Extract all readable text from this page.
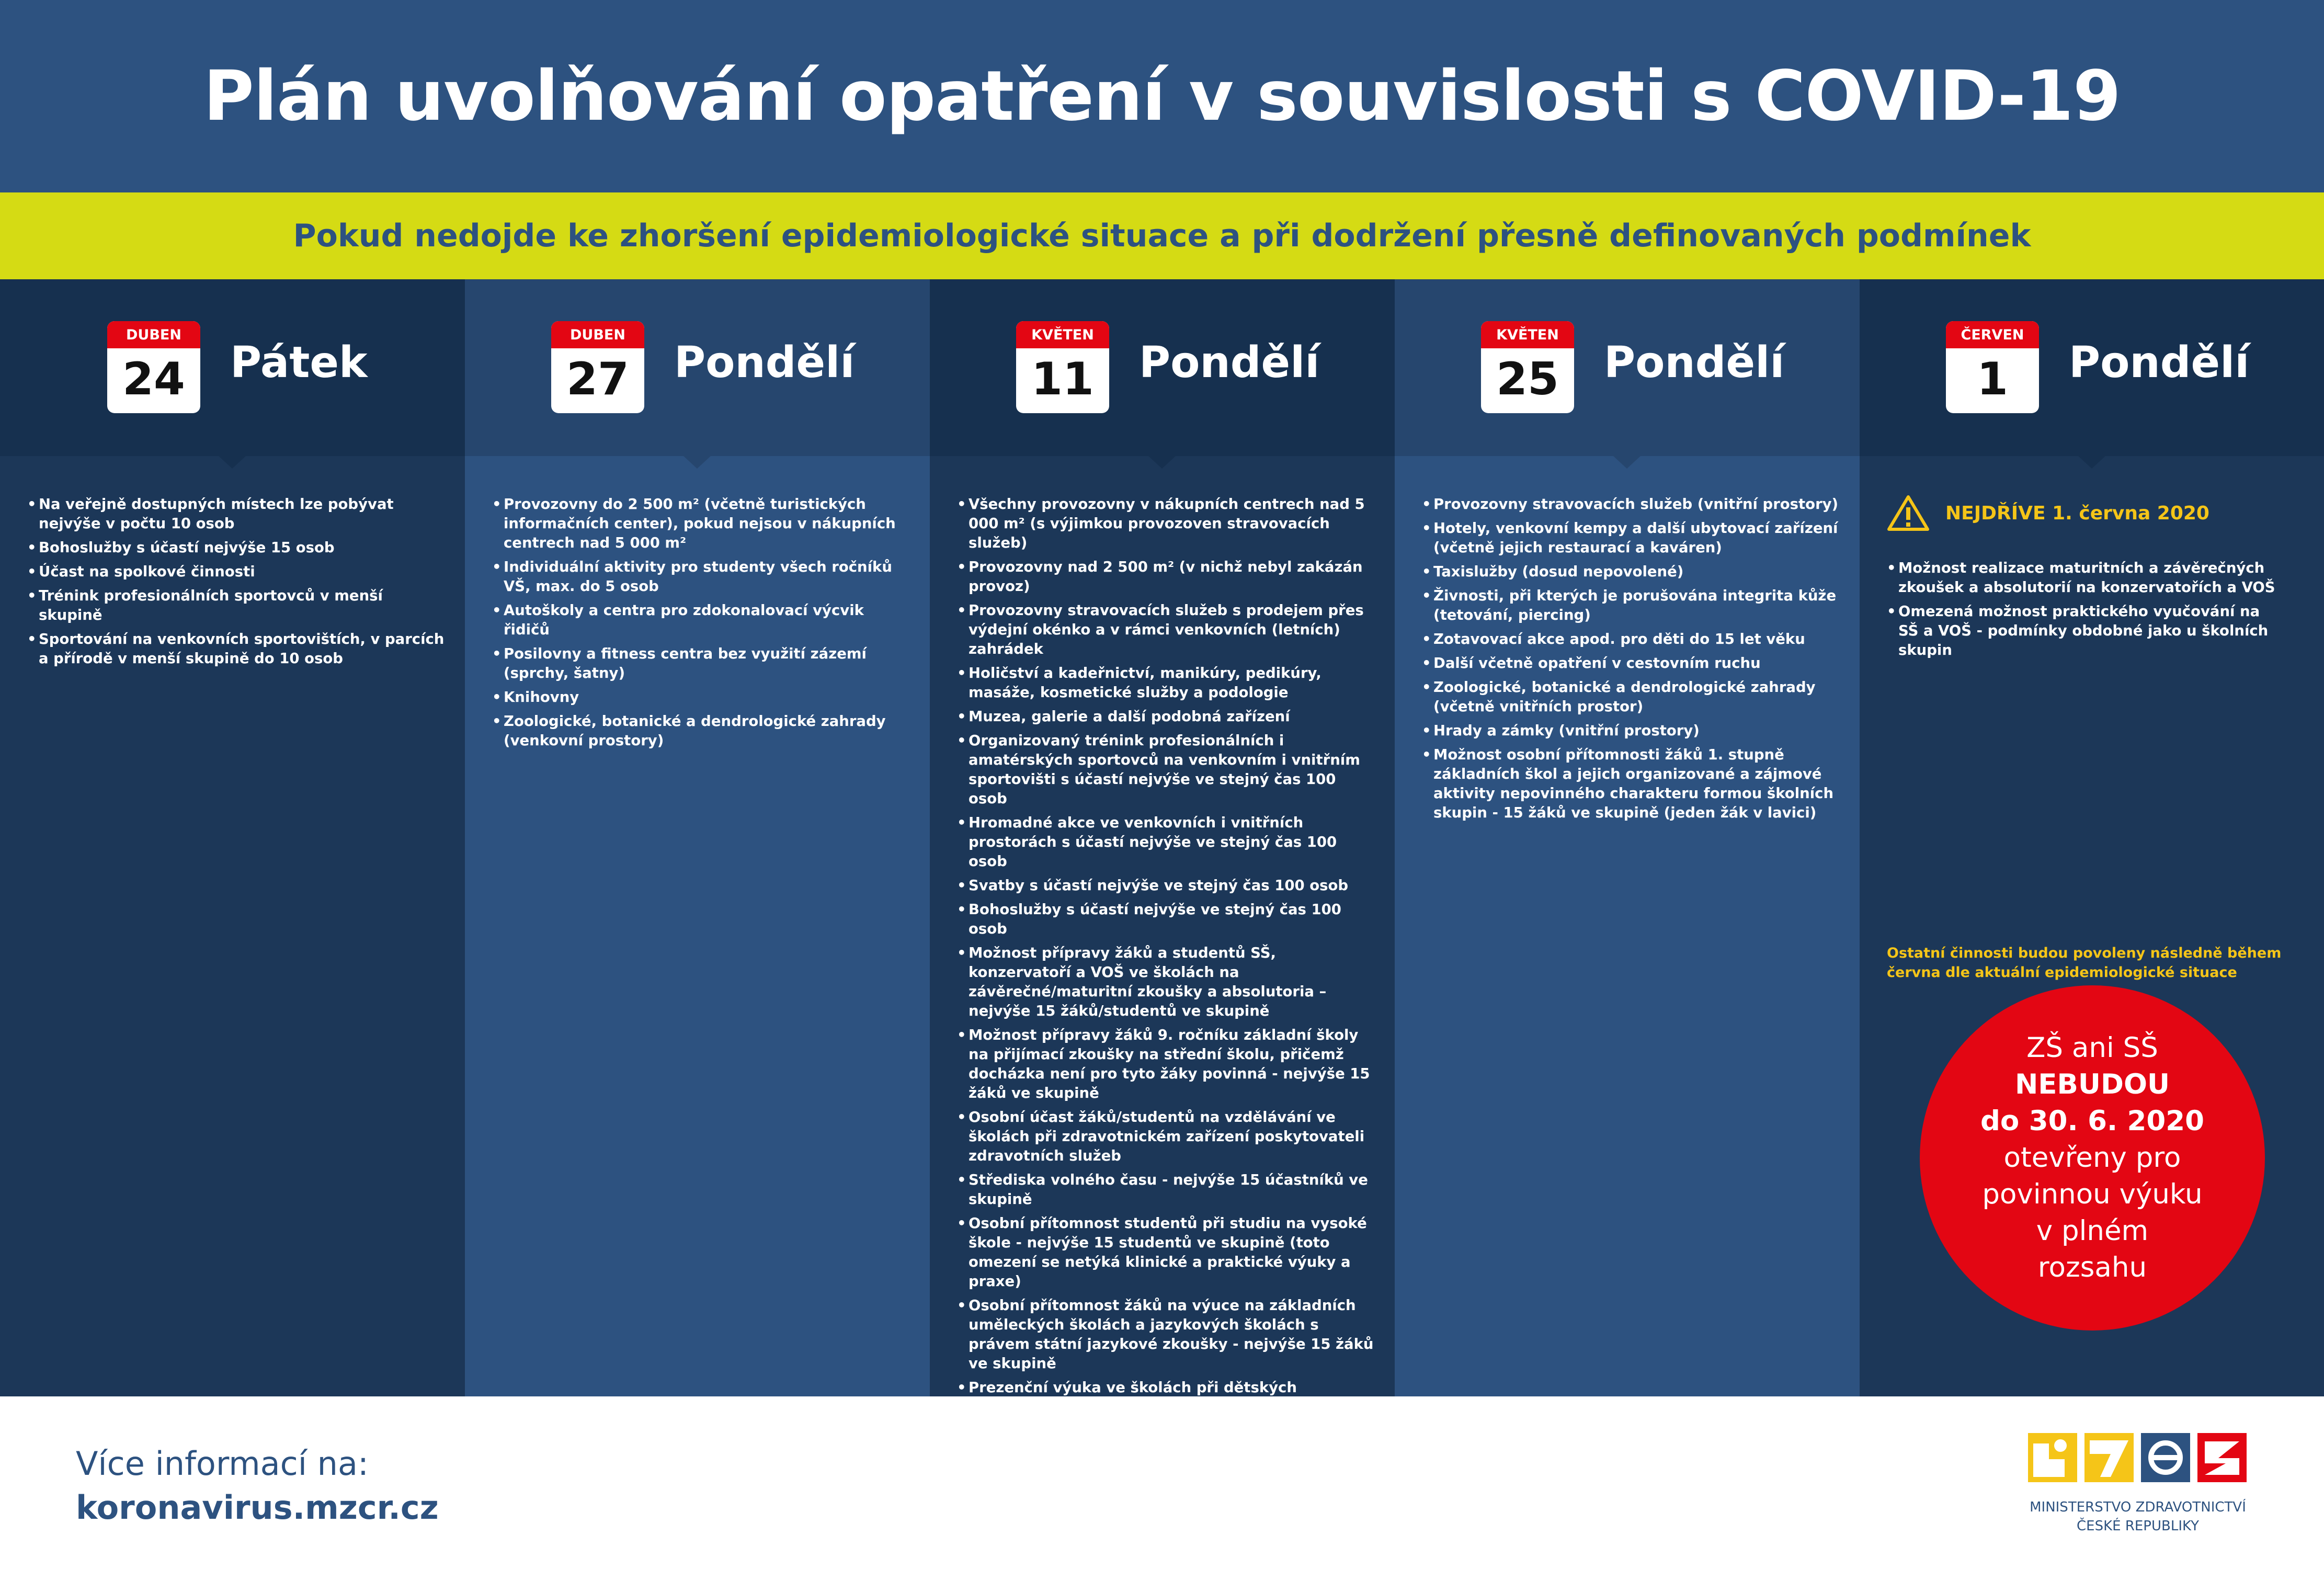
Plán uvolňování opatření v souvislosti s COVID-19
Pokud nedojde ke zhoršení epidemiologické situace a při dodržení přesně definovaných podmínek
DUBEN
24	Pátek
• Na veřejně dostupných místech lze pobývat nejvýše v počtu 10 osob
• Bohoslužby s účastí nejvýše 15 osob
• Účast na spolkové činnosti
• Trénink profesionálních sportovců v menší skupině
• Sportování na venkovních sportovištích, v parcích a přírodě v menší skupině do 10 osob
DUBEN
27	Pondělí
• Provozovny do 2 500 m² (včetně turistických informačních center), pokud nejsou v nákupních centrech nad 5 000 m²
• Individuální aktivity pro studenty všech ročníků VŠ, max. do 5 osob
• Autoškoly a centra pro zdokonalovací výcvik řidičů
• Posilovny a fitness centra bez využití zázemí (sprchy, šatny)
• Knihovny
• Zoologické, botanické a dendrologické zahrady (venkovní prostory)
KVĚTEN
11	Pondělí
• Všechny provozovny v nákupních centrech nad 5 000 m² (s výjimkou provozoven stravovacích služeb)
• Provozovny nad 2 500 m² (v nichž nebyl zakázán provoz)
• Provozovny stravovacích služeb s prodejem přes výdejní okénko a v rámci venkovních (letních) zahrádek
• Holičství a kadeřnictví, manikúry, pedikúry, masáže, kosmetické služby a podologie
• Muzea, galerie a další podobná zařízení
• Organizovaný trénink profesionálních i amatérských sportovců na venkovním i vnitřním sportovišti s účastí nejvýše ve stejný čas 100 osob
• Hromadné akce ve venkovních i vnitřních prostorách s účastí nejvýše ve stejný čas 100 osob
• Svatby s účastí nejvýše ve stejný čas 100 osob
• Bohoslužby s účastí nejvýše ve stejný čas 100 osob
• Možnost přípravy žáků a studentů SŠ, konzervatoří a VOŠ ve školách na závěrečné/maturitní zkoušky a absolutoria – nejvýše 15 žáků/studentů ve skupině
• Možnost přípravy žáků 9. ročníku základní školy na přijímací zkoušky na střední školu, přičemž docházka není pro tyto žáky povinná - nejvýše 15 žáků ve skupině
• Osobní účast žáků/studentů na vzdělávání ve školách při zdravotnickém zařízení poskytovateli zdravotních služeb
• Střediska volného času - nejvýše 15 účastníků ve skupině
• Osobní přítomnost studentů při studiu na vysoké škole - nejvýše 15 studentů ve skupině (toto omezení se netýká klinické a praktické výuky a praxe)
• Osobní přítomnost žáků na výuce na základních uměleckých školách a jazykových školách s právem státní jazykové zkoušky - nejvýše 15 žáků ve skupině
• Prezenční výuka ve školách při dětských
•
KVĚTEN
25	Pondělí
• Provozovny stravovacích služeb (vnitřní prostory)
• Hotely, venkovní kempy a další ubytovací zařízení (včetně jejich restaurací a kaváren)
• Taxislužby (dosud nepovolené)
• Živnosti, při kterých je porušována integrita kůže (tetování, piercing)
• Zotavovací akce apod. pro děti do 15 let věku
• Další včetně opatření v cestovním ruchu
• Zoologické, botanické a dendrologické zahrady (včetně vnitřních prostor)
• Hrady a zámky (vnitřní prostory)
• Možnost osobní přítomnosti žáků 1. stupně základních škol a jejich organizované a zájmové aktivity nepovinného charakteru formou školních skupin - 15 žáků ve skupině (jeden žák v lavici)
ČERVEN
1	Pondělí
NEJDŘÍVE 1. června 2020
• Možnost realizace maturitních a závěrečných zkoušek a absolutorií na konzervatořích a VOŠ
• Omezená možnost praktického vyučování na SŠ a VOŠ - podmínky obdobné jako u školních skupin
Ostatní činnosti budou povoleny následně během června dle aktuální epidemiologické situace
ZŠ ani SŠ
NEBUDOU
do 30. 6. 2020
otevřeny pro
povinnou výuku
v plném
rozsahu
Více informací na:
koronavirus.mzcr.cz	MINISTERSTVO ZDRAVOTNICTVÍ
ČESKÉ REPUBLIKY
